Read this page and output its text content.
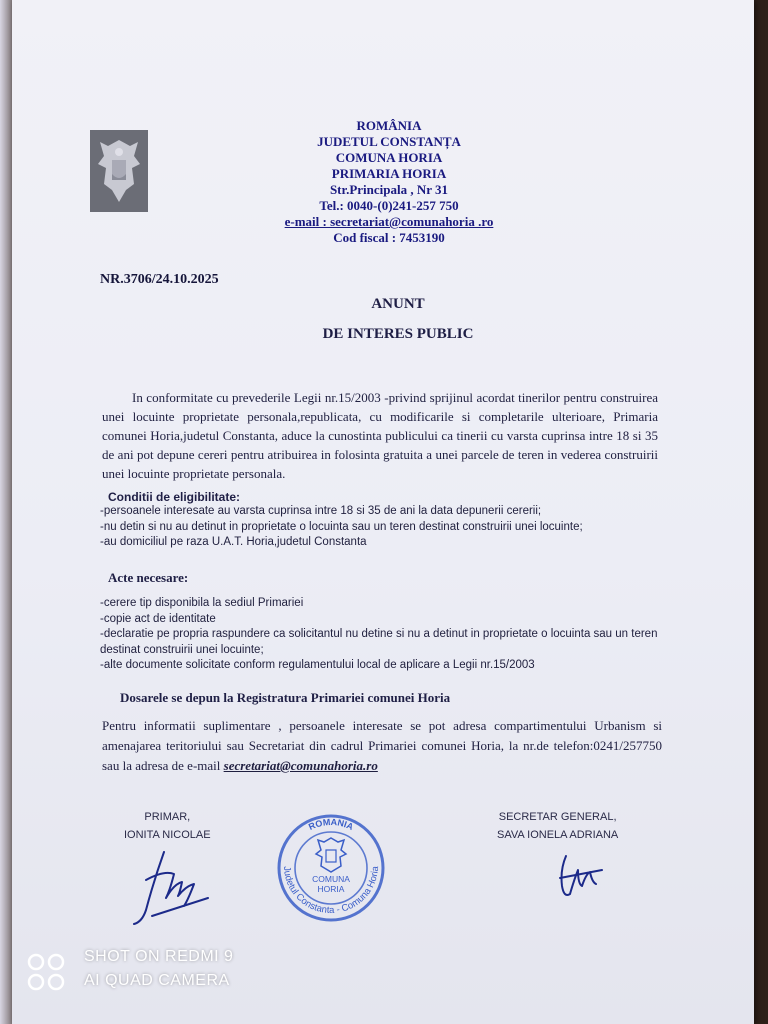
ROMÂNIA
JUDETUL CONSTANȚA
COMUNA HORIA
PRIMARIA HORIA
Str.Principala , Nr 31
Tel.: 0040-(0)241-257 750
e-mail : secretariat@comunahoria .ro
Cod fiscal : 7453190
NR.3706/24.10.2025
ANUNT
DE INTERES PUBLIC
In conformitate cu prevederile Legii nr.15/2003 -privind sprijinul acordat tinerilor pentru construirea unei locuinte proprietate personala,republicata, cu modificarile si completarile ulterioare, Primaria comunei Horia,judetul Constanta, aduce la cunostinta publicului ca tinerii cu varsta cuprinsa intre 18 si 35 de ani pot depune cereri pentru atribuirea in folosinta gratuita a unei parcele de teren in vederea construirii unei locuinte proprietate personala.
Conditii de eligibilitate:
-persoanele interesate au varsta cuprinsa intre 18 si 35 de ani la data depunerii cererii;
-nu detin si nu au detinut in proprietate o locuinta sau un teren destinat construirii unei locuinte;
-au domiciliul pe raza U.A.T. Horia,judetul Constanta
Acte necesare:
-cerere tip disponibila la sediul Primariei
-copie act de identitate
-declaratie pe propria raspundere ca solicitantul nu detine si nu a detinut in proprietate o locuinta sau un teren destinat construirii unei locuinte;
-alte documente solicitate conform regulamentului local de aplicare a Legii nr.15/2003
Dosarele se depun la Registratura Primariei comunei Horia
Pentru informatii suplimentare , persoanele interesate se pot adresa compartimentului Urbanism si amenajarea teritoriului sau Secretariat din cadrul Primariei comunei Horia, la nr.de telefon:0241/257750 sau la adresa de e-mail secretariat@comunahoria.ro
PRIMAR,
IONITA NICOLAE
SECRETAR GENERAL,
SAVA IONELA ADRIANA
ROMANIA
Judetul Constanta - Comuna Horia
COMUNA
HORIA
SHOT ON REDMI 9
AI QUAD CAMERA
